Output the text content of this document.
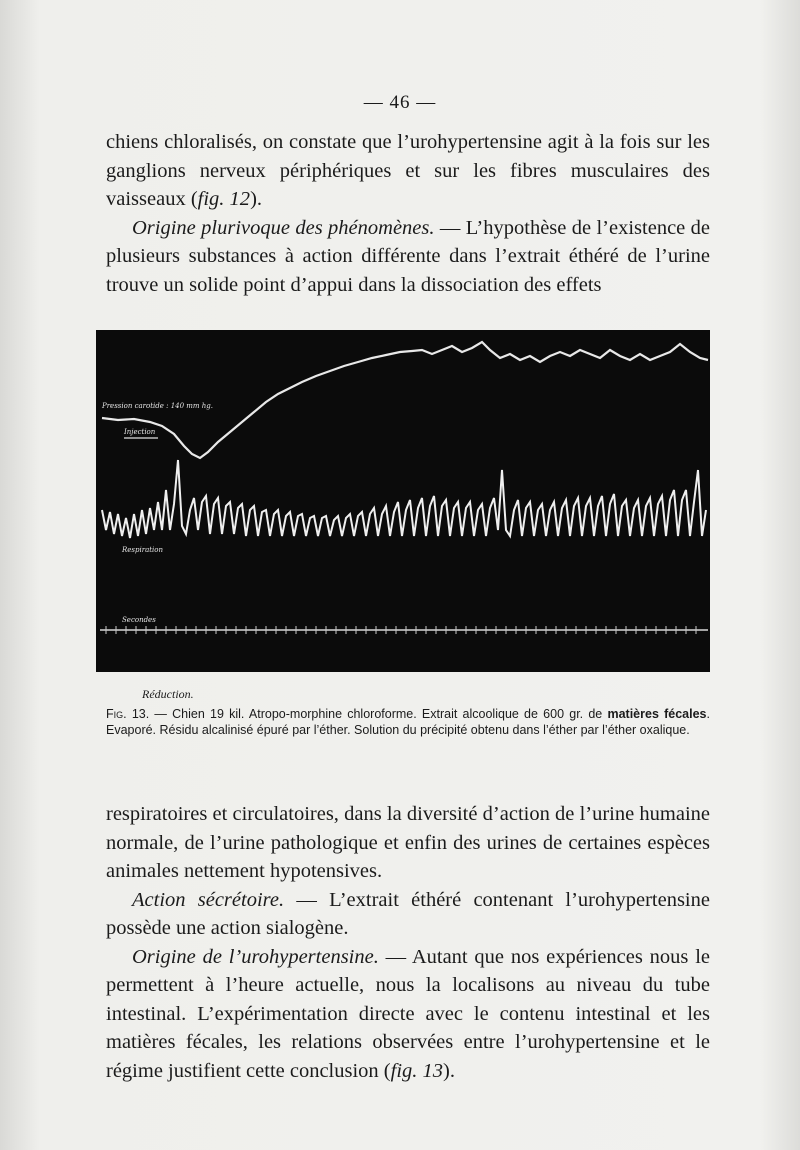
— 46 —

chiens chloralisés, on constate que l’urohypertensine agit à la fois sur les ganglions nerveux périphériques et sur les fibres musculaires des vaisseaux (fig. 12).

Origine plurivoque des phénomènes. — L’hypothèse de l’existence de plusieurs substances à action différente dans l’extrait éthéré de l’urine trouve un solide point d’appui dans la dissociation des effets

Pression carotide : 140 mm hg.
Injection
Respiration
Secondes
Réduction.
Fig. 13. — Chien 19 kil. Atropo-morphine chloroforme. Extrait alcoolique de 600 gr. de matières fécales. Evaporé. Résidu alcalinisé épuré par l’éther. Solution du précipité obtenu dans l’éther par l’éther oxalique.

respiratoires et circulatoires, dans la diversité d’action de l’urine humaine normale, de l’urine pathologique et enfin des urines de certaines espèces animales nettement hypotensives.

Action sécrétoire. — L’extrait éthéré contenant l’urohypertensine possède une action sialogène.

Origine de l’urohypertensine. — Autant que nos expériences nous le permettent à l’heure actuelle, nous la localisons au niveau du tube intestinal. L’expérimentation directe avec le contenu intestinal et les matières fécales, les relations observées entre l’urohypertensine et le régime justifient cette conclusion (fig. 13).
